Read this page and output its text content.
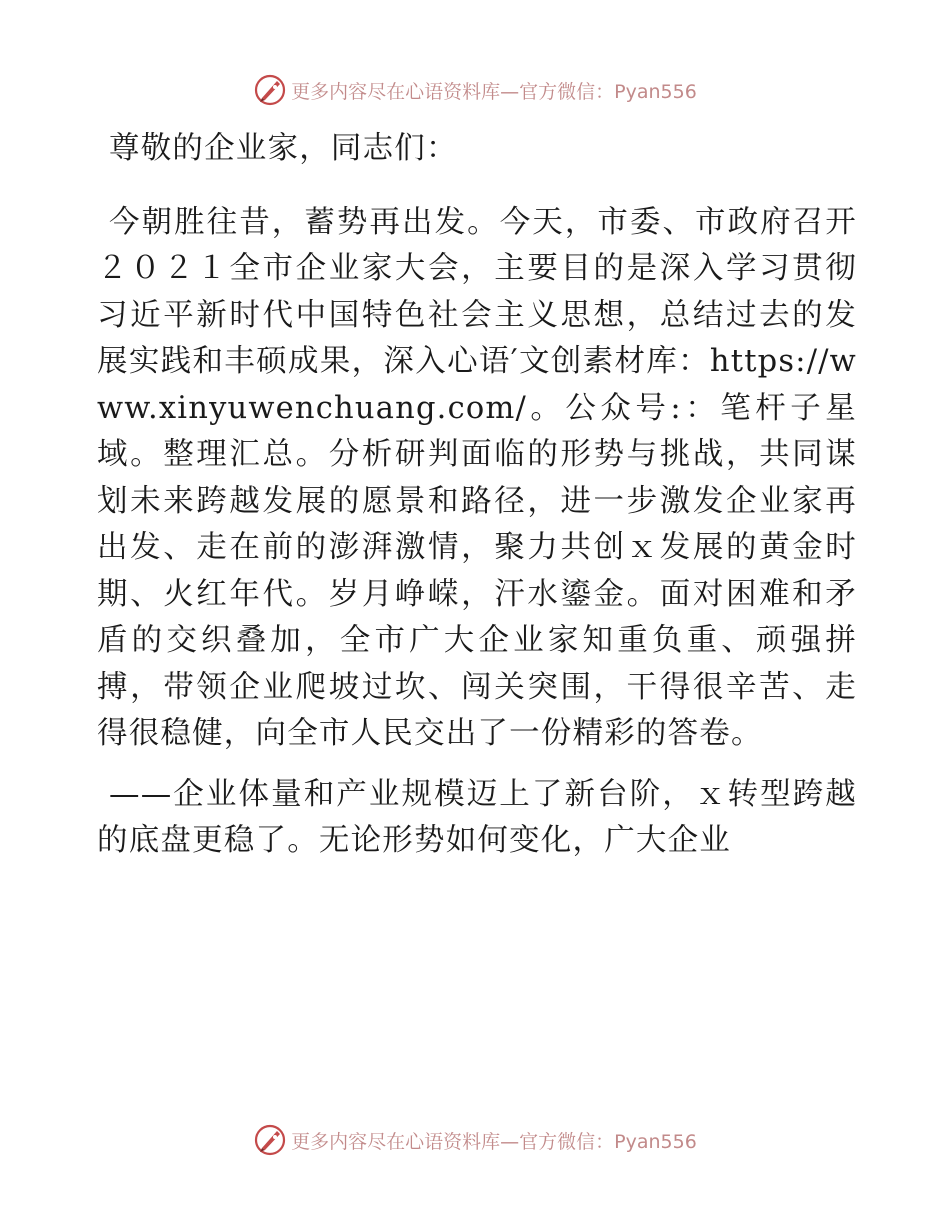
更多内容尽在心语资料库—官方微信：Pyan556

尊敬的企业家，同志们：

今朝胜往昔，蓄势再出发。今天，市委、市政府召开２０２１全市企业家大会，主要目的是深入学习贯彻习近平新时代中国特色社会主义思想，总结过去的发展实践和丰硕成果，深入心语′文创素材库：https://www.xinyuwenchuang.com/。公众号:：笔杆子星域。整理汇总。分析研判面临的形势与挑战，共同谋划未来跨越发展的愿景和路径，进一步激发企业家再出发、走在前的澎湃激情，聚力共创ｘ发展的黄金时期、火红年代。岁月峥嵘，汗水鎏金。面对困难和矛盾的交织叠加，全市广大企业家知重负重、顽强拼搏，带领企业爬坡过坎、闯关突围，干得很辛苦、走得很稳健，向全市人民交出了一份精彩的答卷。

——企业体量和产业规模迈上了新台阶，ｘ转型跨越的底盘更稳了。无论形势如何变化，广大企业

更多内容尽在心语资料库—官方微信：Pyan556
